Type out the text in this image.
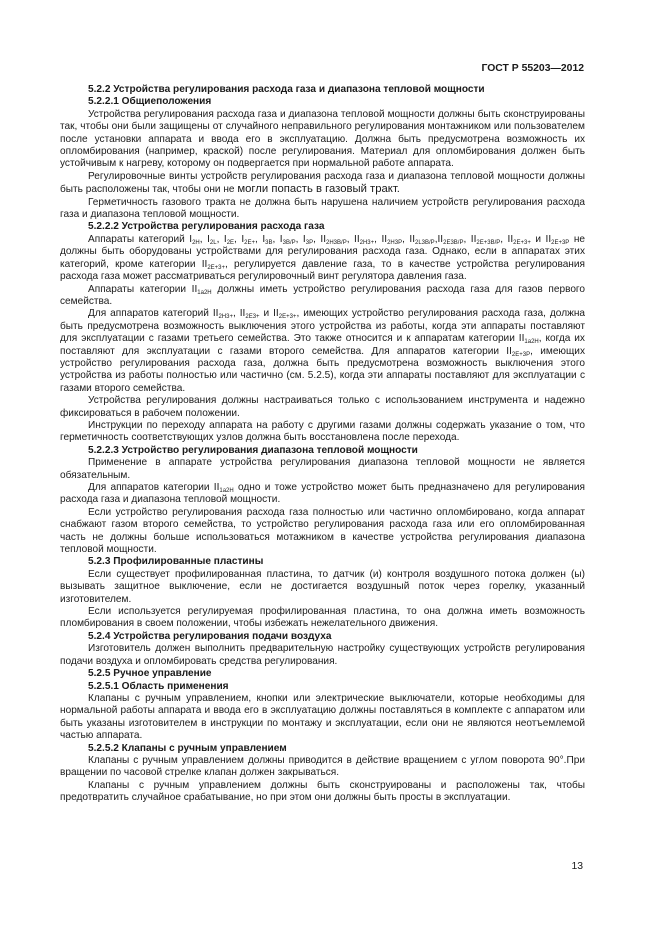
ГОСТ Р 55203—2012

5.2.2 Устройства регулирования расхода газа и диапазона тепловой мощности

5.2.2.1 Общиеположения

Устройства регулирования расхода газа и диапазона тепловой мощности должны быть сконструированы так, чтобы они были защищены от случайного неправильного регулирования монтажником или пользователем после установки аппарата и ввода его в эксплуатацию. Должна быть предусмотрена возможность их опломбирования (например, краской) после регулирования. Материал для опломбирования должен быть устойчивым к нагреву, которому он подвергается при нормальной работе аппарата.

Регулировочные винты устройств регулирования расхода газа и диапазона тепловой мощности должны быть расположены так, чтобы они не могли попасть в газовый тракт.

Герметичность газового тракта не должна быть нарушена наличием устройств регулирования расхода газа и диапазона тепловой мощности.

5.2.2.2 Устройства регулирования расхода газа

Аппараты категорий $I_{2H}$, $I_{2L}$, $I_{2E}$, $I_{2E+}$, $I_{3B}$, $I_{3B/P}$, $I_{3P}$, $II_{2H3B/P}$, $II_{2H3+}$, $II_{2H3P}$, $II_{2L3B/P},II_{2E3B/P}$, $II_{2E+3B/P}$, $II_{2E+3+}$ и $II_{2E+3P}$ не должны быть оборудованы устройствами для регулирования расхода газа. Однако, если в аппаратах этих категорий, кроме категории $II_{2E+3+}$, регулируется давление газа, то в качестве устройства регулирования расхода газа может рассматриваться регулировочный винт регулятора давления газа.

Аппараты категории $II_{1a2H}$ должны иметь устройство регулирования расхода газа для газов первого семейства.

Для аппаратов категорий $II_{2H3+}$, $II_{2E3+}$ и $II_{2E+3+}$, имеющих устройство регулирования расхода газа, должна быть предусмотрена возможность выключения этого устройства из работы, когда эти аппараты поставляют для эксплуатации с газами третьего семейства. Это также относится и к аппаратам категории $II_{1a2H}$, когда их поставляют для эксплуатации с газами второго семейства. Для аппаратов категории $II_{2E+3P}$, имеющих устройство регулирования расхода газа, должна быть предусмотрена возможность выключения этого устройства из работы полностью или частично (см. 5.2.5), когда эти аппараты поставляют для эксплуатации с газами второго семейства.

Устройства регулирования должны настраиваться только с использованием инструмента и надежно фиксироваться в рабочем положении.

Инструкции по переходу аппарата на работу с другими газами должны содержать указание о том, что герметичность соответствующих узлов должна быть восстановлена после перехода.

5.2.2.3 Устройство регулирования диапазона тепловой мощности

Применение в аппарате устройства регулирования диапазона тепловой мощности не является обязательным.

Для аппаратов категории $II_{1a2H}$ одно и тоже устройство может быть предназначено для регулирования расхода газа и диапазона тепловой мощности.

Если устройство регулирования расхода газа полностью или частично опломбировано, когда аппарат снабжают газом второго семейства, то устройство регулирования расхода газа или его опломбированная часть не должны больше использоваться мотажником в качестве устройства регулирования диапазона тепловой мощности.

5.2.3 Профилированные пластины

Если существует профилированная пластина, то датчик (и) контроля воздушного потока должен (ы) вызывать защитное выключение, если не достигается воздушный поток через горелку, указанный изготовителем.

Если используется регулируемая профилированная пластина, то она должна иметь возможность пломбирования в своем положении, чтобы избежать нежелательного движения.

5.2.4 Устройства регулирования подачи воздуха

Изготовитель должен выполнить предварительную настройку существующих устройств регулирования подачи воздуха и опломбировать средства регулирования.

5.2.5 Ручное управление

5.2.5.1 Область применения

Клапаны с ручным управлением, кнопки или электрические выключатели, которые необходимы для нормальной работы аппарата и ввода его в эксплуатацию должны поставляться в комплекте с аппаратом или быть указаны изготовителем в инструкции по монтажу и эксплуатации, если они не являются неотъемлемой частью аппарата.

5.2.5.2 Клапаны с ручным управлением

Клапаны с ручным управлением должны приводится в действие вращением с углом поворота 90°.При вращении по часовой стрелке клапан должен закрываться.

Клапаны с ручным управлением должны быть сконструированы и расположены так, чтобы предотвратить случайное срабатывание, но при этом они должны быть просты в эксплуатации.

13
